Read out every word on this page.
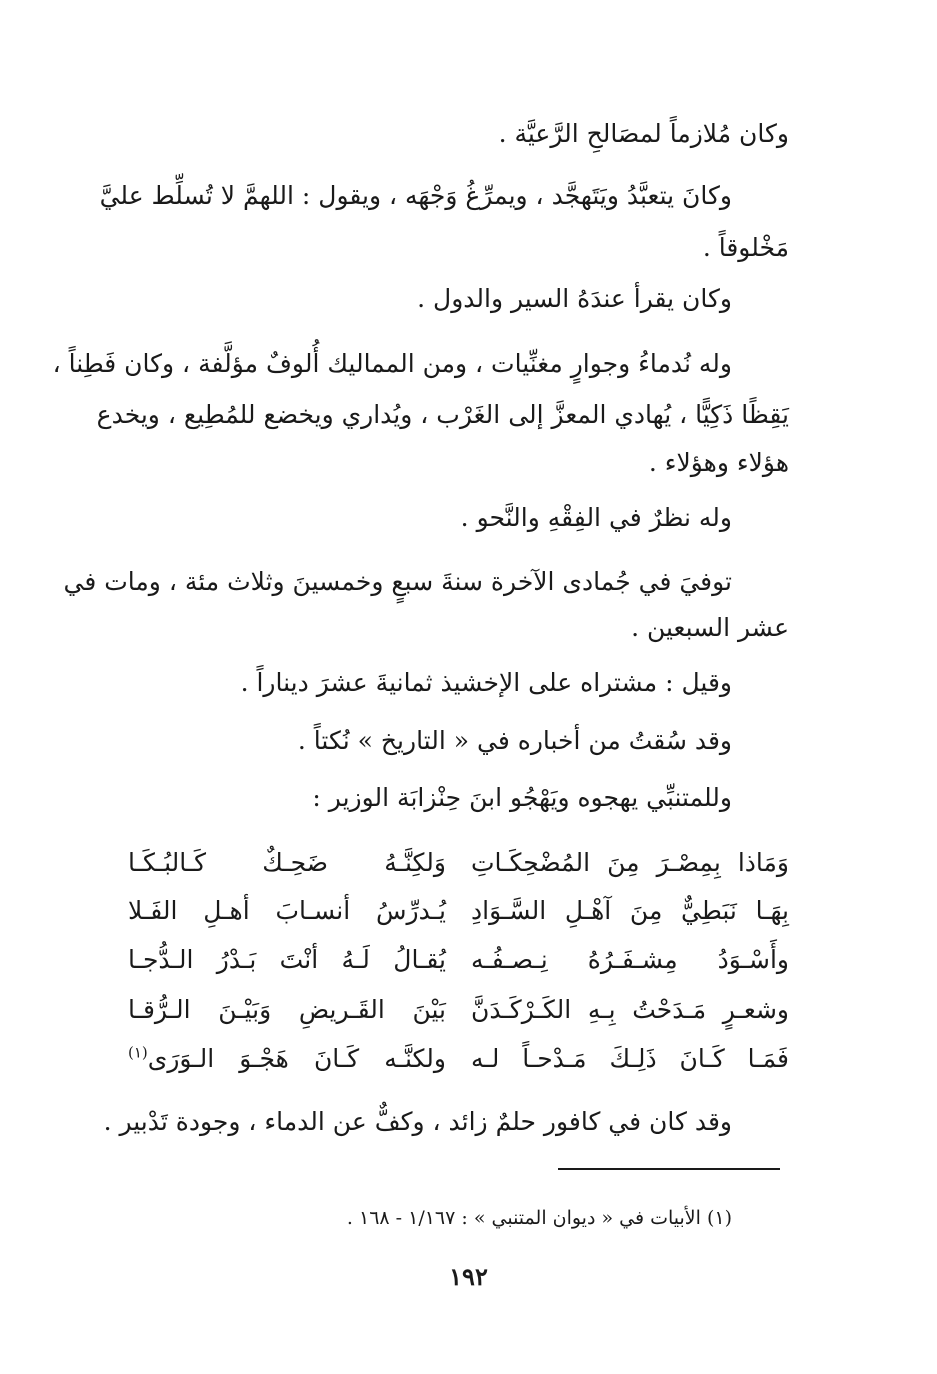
وكان مُلازماً لمصَالحِ الرَّعيَّة .
وكانَ يتعبَّدُ ويَتَهجَّد ، ويمرِّغُ وَجْهَه ، ويقول : اللهمَّ لا تُسلِّط عليَّ
مَخْلوقاً .
وكان يقرأ عندَهُ السير والدول .
وله نُدماءُ وجوارٍ مغنِّيات ، ومن المماليك أُلوفٌ مؤلَّفة ، وكان فَطِناً ،
يَقِظًا ذَكِيًّا ، يُهادي المعزَّ إلى الغَرْب ، ويُداري ويخضع للمُطِيع ، ويخدع
هؤلاء وهؤلاء .
وله نظرٌ في الفِقْهِ والنَّحو .
توفيَ في جُمادى الآخرة سنةَ سبعٍ وخمسينَ وثلاث مئة ، ومات في
عشر السبعين .
وقيل : مشتراه على الإخشيذ ثمانيةَ عشرَ ديناراً .
وقد سُقتُ من أخباره في « التاريخ » نُكتاً .
وللمتنبِّي يهجوه ويَهْجُو ابنَ حِنْزابَة الوزير :
وَمَاذا بِمِصْـرَ مِنَ المُضْحِكَـاتِ
وَلكِنَّـهُ ضَحِـكٌ كَـالبُـكَـا
بِهَـا نَبَطِيٌّ مِنَ آهْـلِ السَّـوَادِ
يُـدرِّسُ أنسـابَ أهـلِ الفَـلا
وأَسْـوَدُ مِشـفَـرُهُ نِـصـفُـه
يُقـالُ لَـهُ أنْتَ بَـدْرُ الـدُّجـا
وشعـرٍ مَـدَحْتُ بِـهِ الكَـرْكَـدَنَّ
بَيْنَ القَـريضِ وَبَيْـنَ الـرُّقـا
فَمَـا كَـانَ ذَلِـكَ مَـدْحـاً لـه
ولكنَّـه كَـانَ هَجْـوَ الـوَرَى$^{(١)}$
وقد كان في كافور حلمٌ زائد ، وكفٌّ عن الدماء ، وجودة تَدْبير .
(١) الأبيات في « ديوان المتنبي » : ١/١٦٧ - ١٦٨ .
١٩٢
